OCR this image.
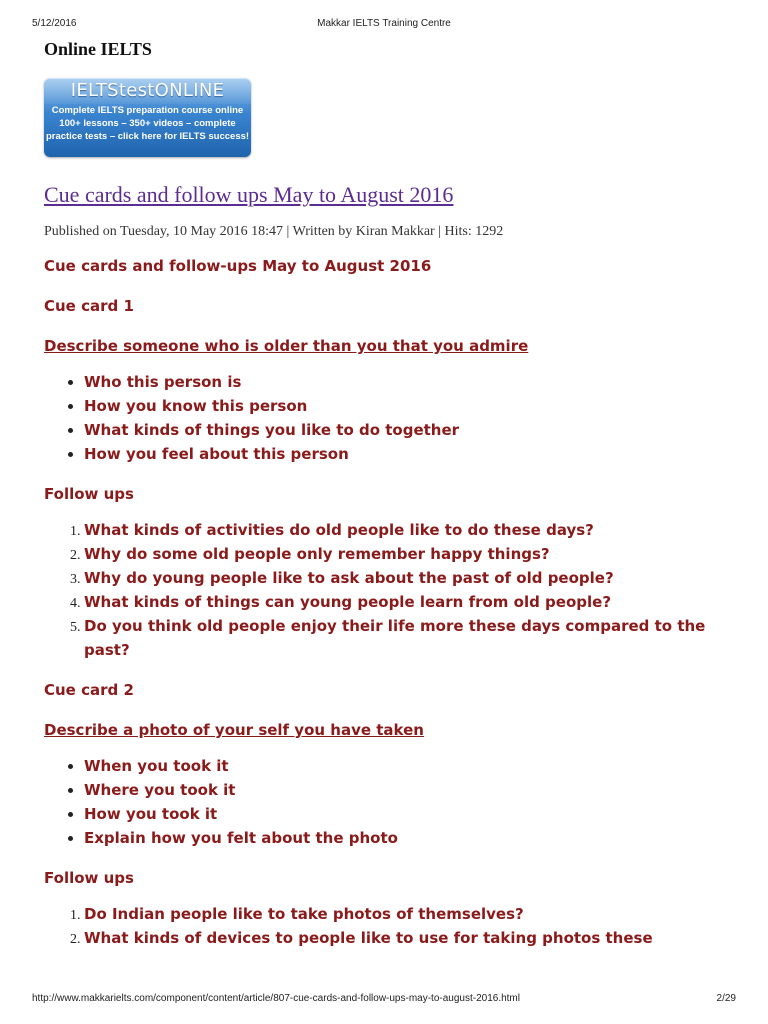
5/12/2016	Makkar IELTS Training Centre
Online IELTS
IELTStestONLINE
Complete IELTS preparation course online
100+ lessons – 350+ videos – complete
practice tests – click here for IELTS success!
Cue cards and follow ups May to August 2016
Published on Tuesday, 10 May 2016 18:47 | Written by Kiran Makkar | Hits: 1292

Cue cards and follow-ups May to August 2016

Cue card 1

Describe someone who is older than you that you admire

• Who this person is
• How you know this person
• What kinds of things you like to do together
• How you feel about this person

Follow ups

1. What kinds of activities do old people like to do these days?
2. Why do some old people only remember happy things?
3. Why do young people like to ask about the past of old people?
4. What kinds of things can young people learn from old people?
5. Do you think old people enjoy their life more these days compared to the past?

Cue card 2

Describe a photo of your self you have taken

• When you took it
• Where you took it
• How you took it
• Explain how you felt about the photo

Follow ups

1. Do Indian people like to take photos of themselves?
2. What kinds of devices to people like to use for taking photos these
http://www.makkarielts.com/component/content/article/807-cue-cards-and-follow-ups-may-to-august-2016.html	2/29
